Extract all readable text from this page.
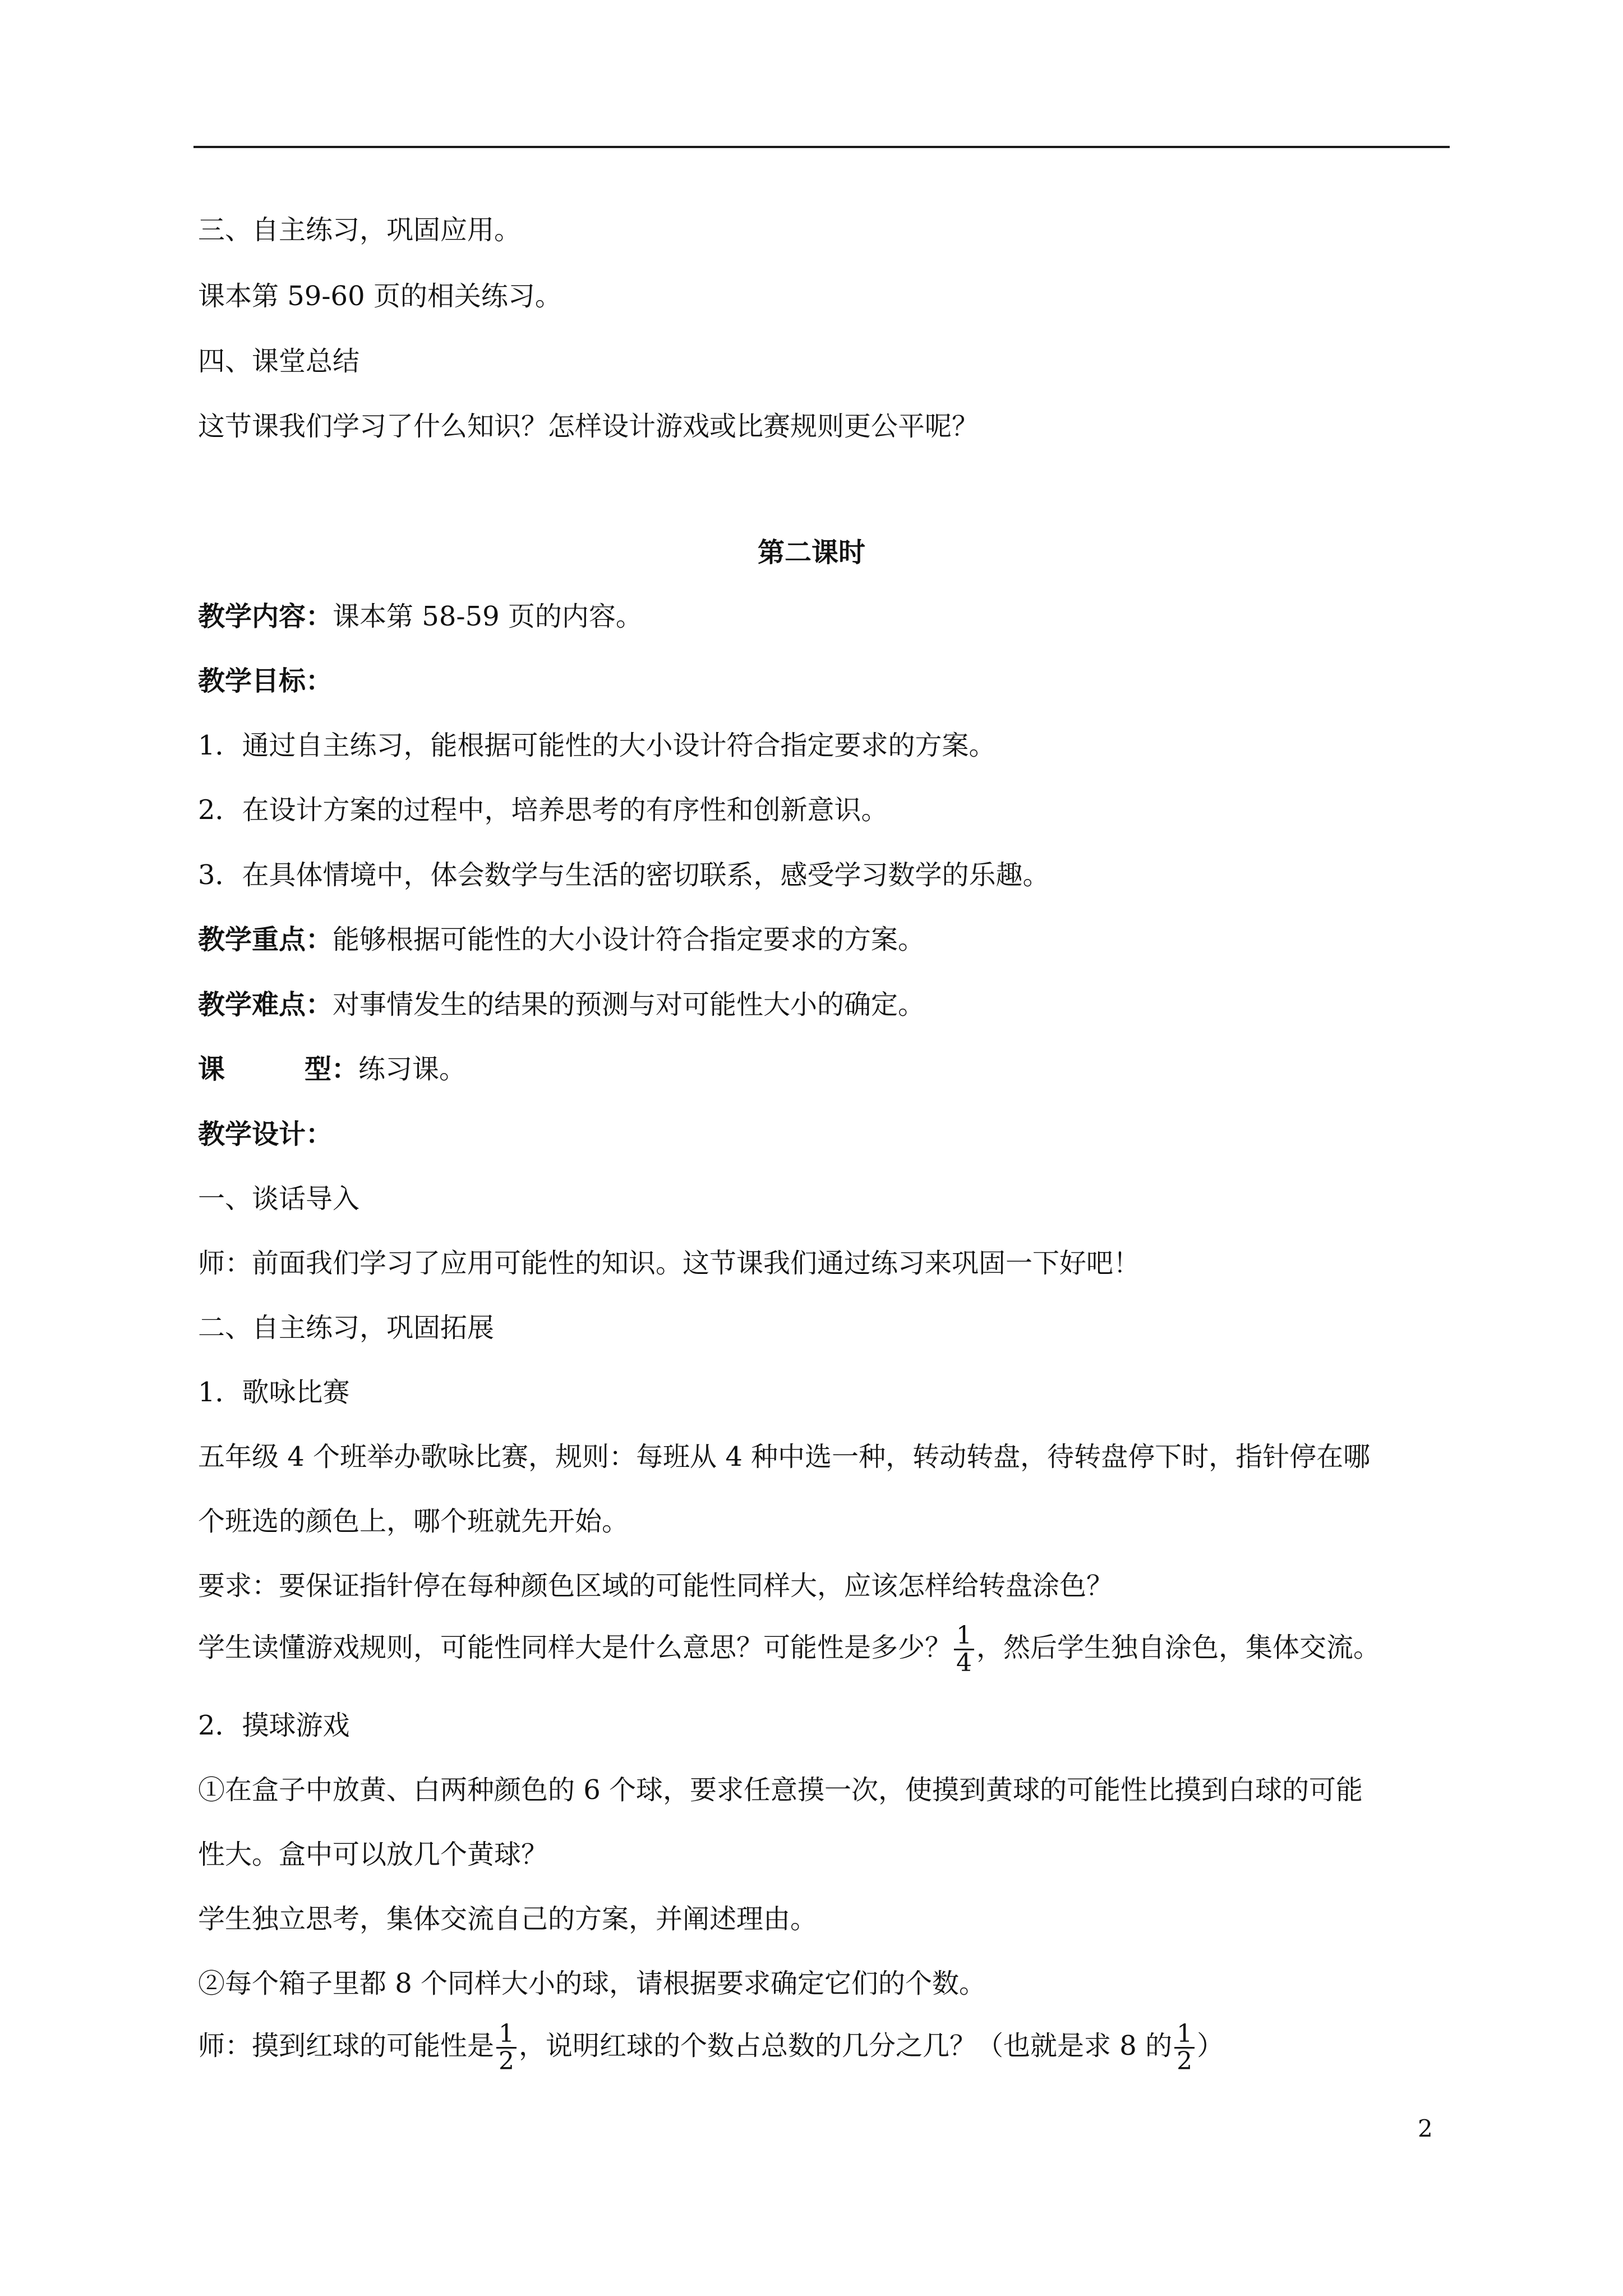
三、自主练习，巩固应用。
课本第 59-60 页的相关练习。
四、课堂总结
这节课我们学习了什么知识？怎样设计游戏或比赛规则更公平呢？
第二课时
教学内容：课本第 58-59 页的内容。
教学目标：
1．通过自主练习，能根据可能性的大小设计符合指定要求的方案。
2．在设计方案的过程中，培养思考的有序性和创新意识。
3．在具体情境中，体会数学与生活的密切联系，感受学习数学的乐趣。
教学重点：能够根据可能性的大小设计符合指定要求的方案。
教学难点：对事情发生的结果的预测与对可能性大小的确定。
课	型：练习课。
教学设计：
一、谈话导入
师：前面我们学习了应用可能性的知识。这节课我们通过练习来巩固一下好吧！
二、自主练习，巩固拓展
1．歌咏比赛
五年级 4 个班举办歌咏比赛，规则：每班从 4 种中选一种，转动转盘，待转盘停下时，指针停在哪
个班选的颜色上，哪个班就先开始。
要求：要保证指针停在每种颜色区域的可能性同样大，应该怎样给转盘涂色？
学生读懂游戏规则，可能性同样大是什么意思？可能性是多少？ $\frac{1}{4}$ ，然后学生独自涂色，集体交流。
2．摸球游戏
①在盒子中放黄、白两种颜色的 6 个球，要求任意摸一次，使摸到黄球的可能性比摸到白球的可能
性大。盒中可以放几个黄球？
学生独立思考，集体交流自己的方案，并阐述理由。
②每个箱子里都 8 个同样大小的球，请根据要求确定它们的个数。
师：摸到红球的可能性是 $\frac{1}{2}$ ，说明红球的个数占总数的几分之几？（也就是求 8 的 $\frac{1}{2}$ ）
2
